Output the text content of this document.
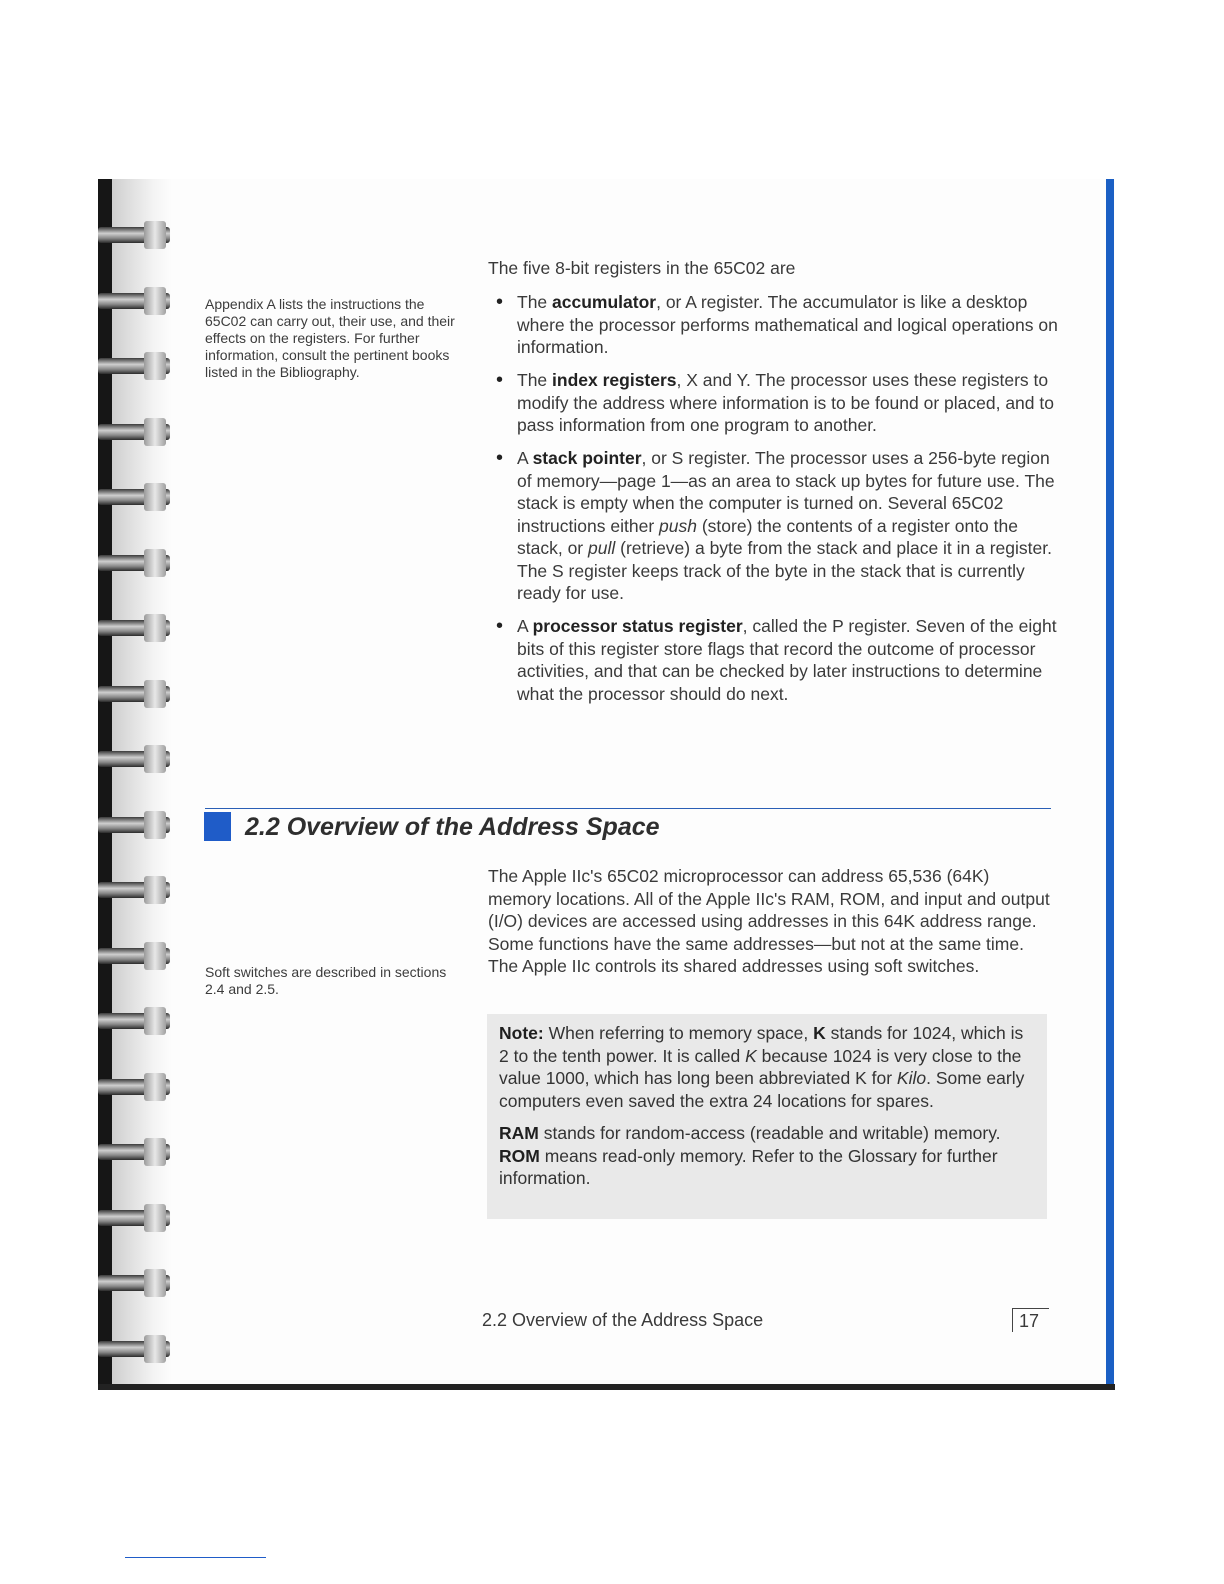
Appendix A lists the instructions the 65C02 can carry out, their use, and their effects on the registers. For further information, consult the pertinent books listed in the Bibliography.
The five 8-bit registers in the 65C02 are
• The accumulator, or A register. The accumulator is like a desktop where the processor performs mathematical and logical operations on information.
• The index registers, X and Y. The processor uses these registers to modify the address where information is to be found or placed, and to pass information from one program to another.
• A stack pointer, or S register. The processor uses a 256-byte region of memory—page 1—as an area to stack up bytes for future use. The stack is empty when the computer is turned on. Several 65C02 instructions either push (store) the contents of a register onto the stack, or pull (retrieve) a byte from the stack and place it in a register. The S register keeps track of the byte in the stack that is currently ready for use.
• A processor status register, called the P register. Seven of the eight bits of this register store flags that record the outcome of processor activities, and that can be checked by later instructions to determine what the processor should do next.
2.2 Overview of the Address Space
Soft switches are described in sections 2.4 and 2.5.
The Apple IIc's 65C02 microprocessor can address 65,536 (64K) memory locations. All of the Apple IIc's RAM, ROM, and input and output (I/O) devices are accessed using addresses in this 64K address range. Some functions have the same addresses—but not at the same time. The Apple IIc controls its shared addresses using soft switches.

Note: When referring to memory space, K stands for 1024, which is 2 to the tenth power. It is called K because 1024 is very close to the value 1000, which has long been abbreviated K for Kilo. Some early computers even saved the extra 24 locations for spares.

RAM stands for random-access (readable and writable) memory. ROM means read-only memory. Refer to the Glossary for further information.

2.2 Overview of the Address Space	17
